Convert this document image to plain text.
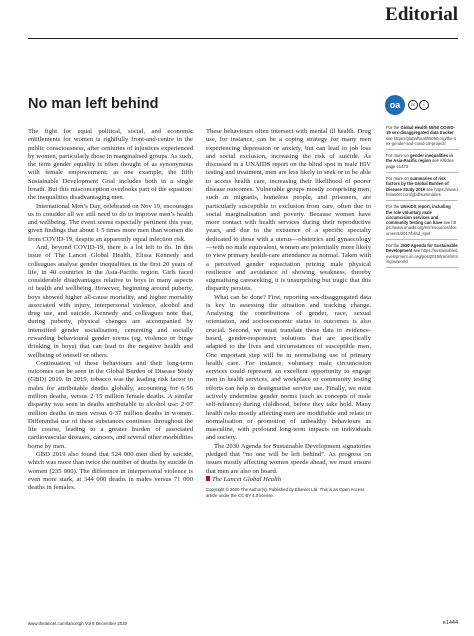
Editorial
No man left behind

The fight for equal political, social, and economic entitlements for women is rightfully front-and-centre in the public consciousness, after centuries of injustices experienced by women, particularly those in marginalised groups. As such, the term gender equality is often thought of as synonymous with female empowerment; as one example, the fifth Sustainable Development Goal includes both in a single breath. But this misconception overlooks part of the equation: the inequalities disadvantaging men.

International Men’s Day, celebrated on Nov 19, encourages us to consider all we still need to do to improve men’s health and wellbeing. The event seems especially pertinent this year, given findings that about 1·5 times more men than women die from COVID-19, despite an apparently equal infection risk.

And, beyond COVID-19, there is a lot left to do. In this issue of The Lancet Global Health, Elissa Kennedy and colleagues analyse gender inequalities in the first 20 years of life, in 40 countries in the Asia-Pacific region. Girls faced considerable disadvantages relative to boys in many aspects of health and wellbeing. However, beginning around puberty, boys showed higher all-cause mortality, and higher mortality associated with injury, interpersonal violence, alcohol and drug use, and suicide. Kennedy and colleagues note that, during puberty, physical changes are accompanied by intensified gender socialisation, cementing and socially rewarding behavioural gender norms (eg, violence or binge drinking in boys) that can lead to the negative health and wellbeing of oneself or others.

Continuation of these behaviours and their long-term outcomes can be seen in the Global Burden of Disease Study (GBD) 2019. In 2019, tobacco was the leading risk factor in males for attributable deaths globally, accounting for 6·56 million deaths, versus 2·15 million female deaths. A similar disparity was seen in deaths attributable to alcohol use: 2·07 million deaths in men versus 0·37 million deaths in women. Differential use of these substances continues throughout the life course, leading to a greater burden of associated cardiovascular diseases, cancers, and several other morbidities borne by men.

GBD 2019 also found that 524 000 men died by suicide, which was more than twice the number of deaths by suicide in women (235 000). The difference in interpersonal violence is even more stark, at 344 000 deaths in males versus 71 000 deaths in females.

These behaviours often intersect with mental ill health. Drug use, for instance, can be a coping strategy for many men experiencing depression or anxiety, but can lead to job loss and social exclusion, increasing the risk of suicide. As discussed in a UNAIDS report on the blind spot in male HIV testing and treatment, men are less likely to seek or to be able to access health care, increasing their likelihood of poorer disease outcomes. Vulnerable groups mostly comprising men, such as migrants, homeless people, and prisoners, are particularly susceptible to exclusion from care, often due to social marginalisation and poverty. Because women have more contact with health services during their reproductive years, and due to the existence of a specific specialty dedicated to those with a uterus—obstetrics and gynaecology—with no male equivalent, women are potentially more likely to view primary health-care attendance as normal. Taken with a perceived gender expectation prizing male physical resilience and avoidance of showing weakness, thereby stigmatising careseeking, it is unsurprising but tragic that this disparity persists.

What can be done? First, reporting sex-disaggregated data is key in assessing the situation and tracking change. Analysing the contributions of gender, race, sexual orientation, and socioeconomic status to outcomes is also crucial. Second, we must translate these data to evidence-based, gender-responsive solutions that are specifically adapted to the lives and circumstances of susceptible men. One important step will be in normalising use of primary health care. For instance, voluntary male circumcision services could represent an excellent opportunity to engage men in health services, and workplace or community testing efforts can help to destigmatise service use. Finally, we must actively undermine gender norms (such as concepts of male self-reliance) during childhood, before they take hold. Many health risks mostly affecting men are modifiable and relate to normalisation or promotion of unhealthy behaviours as masculine, with profound long-term impacts on individuals and society.

The 2030 Agenda for Sustainable Development signatories pledged that “no one will be left behind”. As progress on issues mostly affecting women speeds ahead, we must ensure that men are also on board.

The Lancet Global Health

Copyright © 2020 The Author(s). Published by Elsevier Ltd. This is an Open Access article under the CC BY 4.0 license.
oa	cc	i
For the Global Health 50/50 COVID-19 sex-disaggregated data tracker see https://globalhealth5050.org/the-sex-gender-and-covid-19-project/
For more on gender inequalities in the Asia-Pacific region see Articles page e1473
For more on summaries of risk factors by the Global Burden of Disease Study 2019 see https://www.thelancet.com/gbd/summaries
For the UNAIDS report, including the role voluntary male circumcision services and community testing can have see https://www.unaids.org/en/resources/documents/2017/blind_spot
For the 2030 Agenda for Sustainable Development see https://sustainabledevelopment.un.org/post2015/transformingourworld
www.thelancet.com/lancetgh Vol 8 December 2020	e1444
